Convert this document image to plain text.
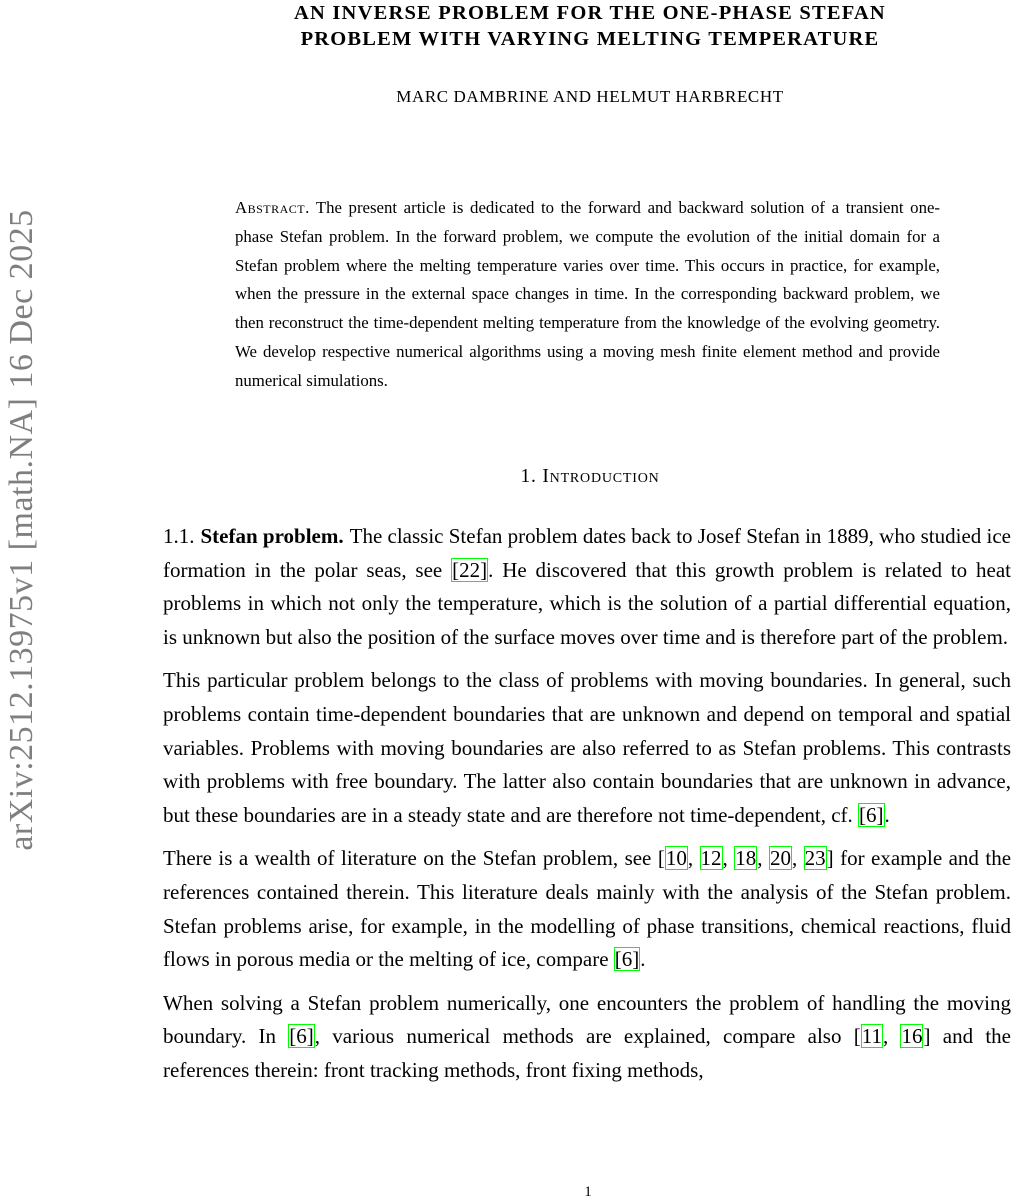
arXiv:2512.13975v1 [math.NA] 16 Dec 2025
AN INVERSE PROBLEM FOR THE ONE-PHASE STEFAN
PROBLEM WITH VARYING MELTING TEMPERATURE
MARC DAMBRINE AND HELMUT HARBRECHT
Abstract. The present article is dedicated to the forward and backward solution of a transient one-phase Stefan problem. In the forward problem, we compute the evolution of the initial domain for a Stefan problem where the melting temperature varies over time. This occurs in practice, for example, when the pressure in the external space changes in time. In the corresponding backward problem, we then reconstruct the time-dependent melting temperature from the knowledge of the evolving geometry. We develop respective numerical algorithms using a moving mesh finite element method and provide numerical simulations.
1. Introduction

1.1. Stefan problem. The classic Stefan problem dates back to Josef Stefan in 1889, who studied ice formation in the polar seas, see [22]. He discovered that this growth problem is related to heat problems in which not only the temperature, which is the solution of a partial differential equation, is unknown but also the position of the surface moves over time and is therefore part of the problem.

This particular problem belongs to the class of problems with moving boundaries. In general, such problems contain time-dependent boundaries that are unknown and depend on temporal and spatial variables. Problems with moving boundaries are also referred to as Stefan problems. This contrasts with problems with free boundary. The latter also contain boundaries that are unknown in advance, but these boundaries are in a steady state and are therefore not time-dependent, cf. [6].

There is a wealth of literature on the Stefan problem, see [10, 12, 18, 20, 23] for example and the references contained therein. This literature deals mainly with the analysis of the Stefan problem. Stefan problems arise, for example, in the modelling of phase transitions, chemical reactions, fluid flows in porous media or the melting of ice, compare [6].

When solving a Stefan problem numerically, one encounters the problem of handling the moving boundary. In [6], various numerical methods are explained, compare also [11, 16] and the references therein: front tracking methods, front fixing methods,

1
